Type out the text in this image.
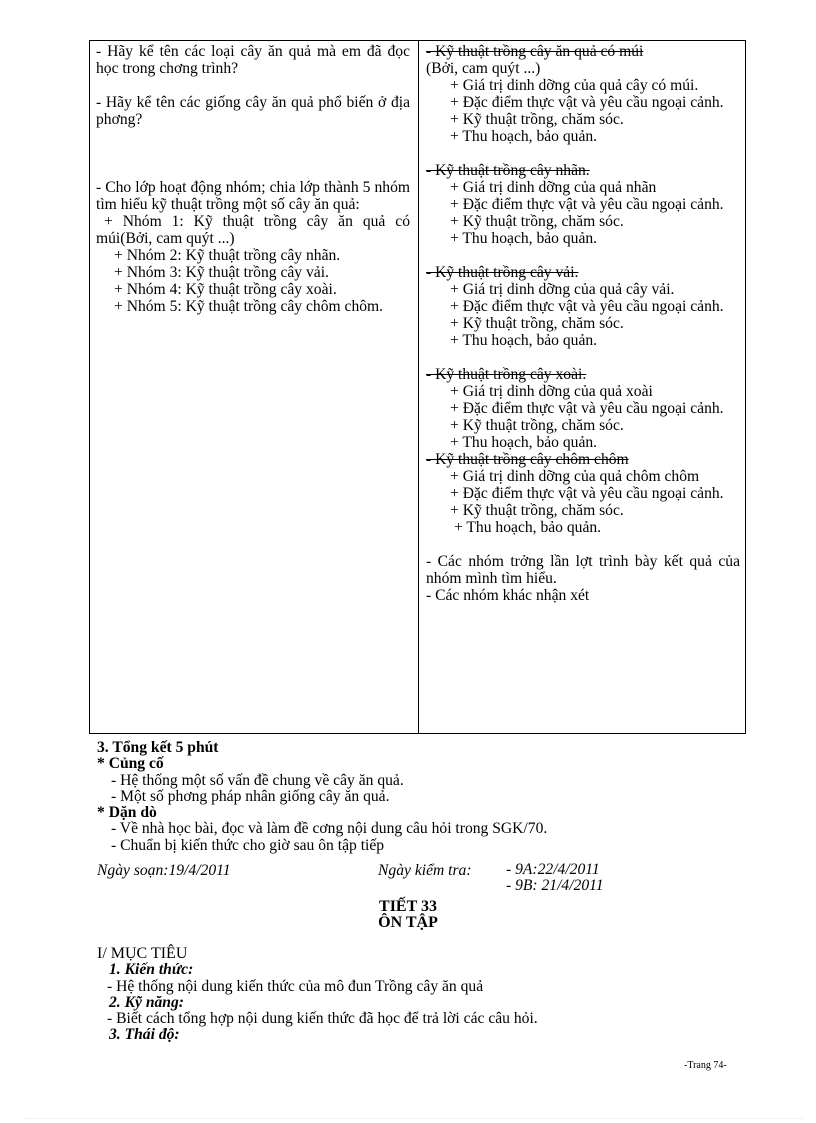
- Hãy kể tên các loại cây ăn quả mà em đã đọc học trong chơng trình?
- Hãy kể tên các giống cây ăn quả phổ biến ở địa phơng?
- Cho lớp hoạt động nhóm; chia lớp thành 5 nhóm tìm hiểu kỹ thuật trồng một số cây ăn quả:
+ Nhóm 1: Kỹ thuật trồng cây ăn quả có múi(Bởi, cam quýt ...)
+ Nhóm 2: Kỹ thuật trồng cây nhãn.
+ Nhóm 3: Kỹ thuật trồng cây vải.
+ Nhóm 4: Kỹ thuật trồng cây xoài.
+ Nhóm 5: Kỹ thuật trồng cây chôm chôm.
- Kỹ thuật trồng cây ăn quả có múi
(Bởi, cam quýt ...)
+ Giá trị dinh dỡng của quả cây có múi.
+ Đặc điểm thực vật và yêu cầu ngoại cảnh.
+ Kỹ thuật trồng, chăm sóc.
+ Thu hoạch, bảo quản.
- Kỹ thuật trồng cây nhãn.
+ Giá trị dinh dỡng của quả nhãn
+ Đặc điểm thực vật và yêu cầu ngoại cảnh.
+ Kỹ thuật trồng, chăm sóc.
+ Thu hoạch, bảo quản.
- Kỹ thuật trồng cây vải.
+ Giá trị dinh dỡng của quả cây vải.
+ Đặc điểm thực vật và yêu cầu ngoại cảnh.
+ Kỹ thuật trồng, chăm sóc.
+ Thu hoạch, bảo quản.
- Kỹ thuật trồng cây xoài.
+ Giá trị dinh dỡng của quả xoài
+ Đặc điểm thực vật và yêu cầu ngoại cảnh.
+ Kỹ thuật trồng, chăm sóc.
+ Thu hoạch, bảo quản.
- Kỹ thuật trồng cây chôm chôm
+ Giá trị dinh dỡng của quả chôm chôm
+ Đặc điểm thực vật và yêu cầu ngoại cảnh.
+ Kỹ thuật trồng, chăm sóc.
+ Thu hoạch, bảo quản.
- Các nhóm trởng lần lợt trình bày kết quả của nhóm mình tìm hiểu.
- Các nhóm khác nhận xét
3. Tổng kết 5 phút
* Củng cố
- Hệ thống một số vấn đề chung về cây ăn quả.
- Một số phơng pháp nhân giống cây ăn quả.
* Dặn dò
- Về nhà học bài, đọc và làm đề cơng nội dung câu hỏi trong SGK/70.
- Chuẩn bị kiến thức cho giờ sau ôn tập tiếp
Ngày soạn:19/4/2011	Ngày kiểm tra: - 9A:22/4/2011
- 9B: 21/4/2011
TIẾT 33
ÔN TẬP
I/ MỤC TIÊU
1. Kiến thức:
- Hệ thống nội dung kiến thức của mô đun Trồng cây ăn quả
2. Kỹ năng:
- Biết cách tổng hợp nội dung kiến thức đã học để trả lời các câu hỏi.
3. Thái độ:
-Trang 74-
